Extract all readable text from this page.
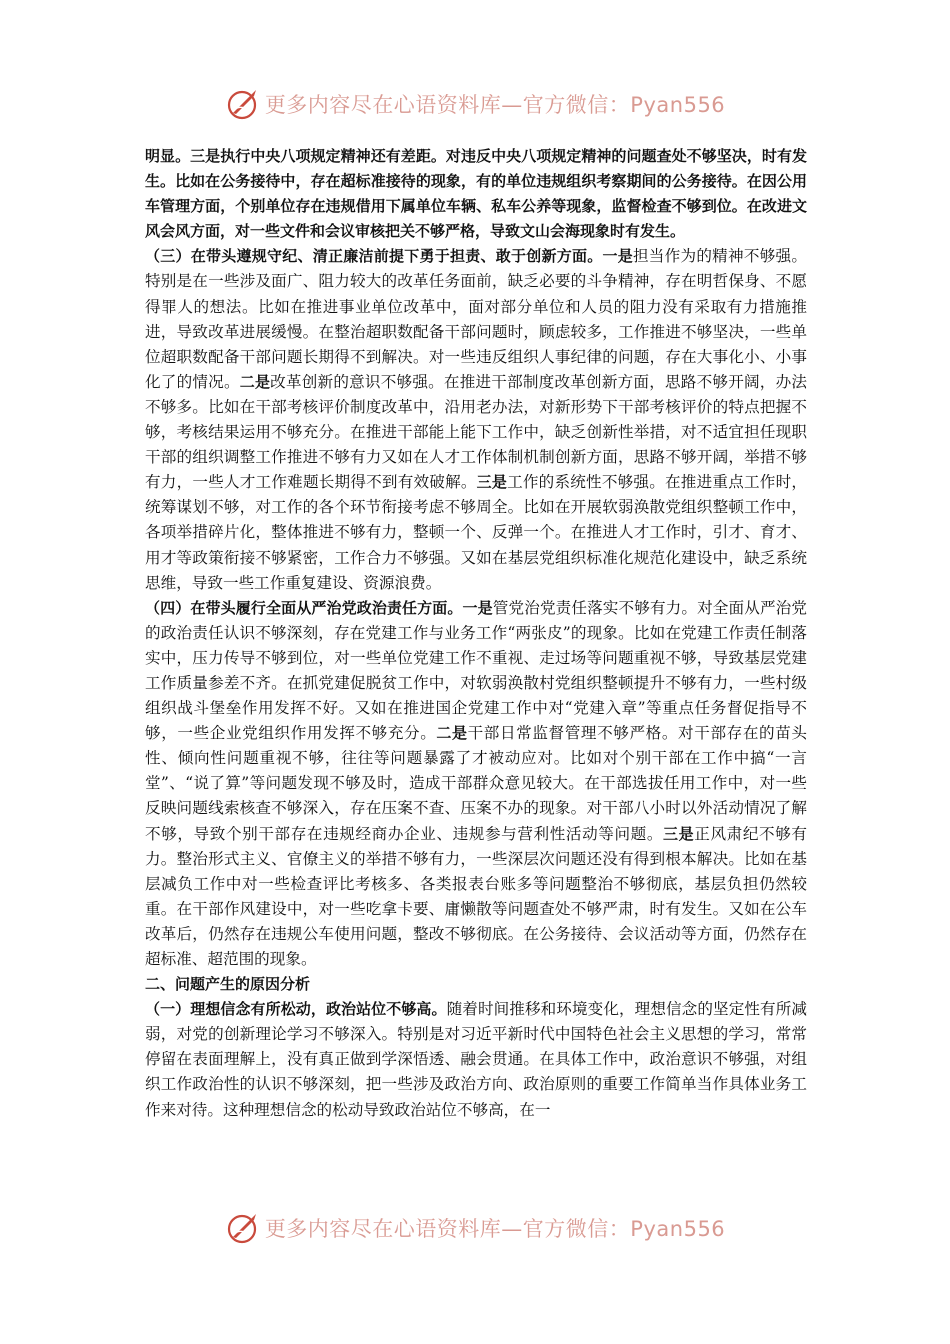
更多内容尽在心语资料库—官方微信：Pyan556

明显。三是执行中央八项规定精神还有差距。对违反中央八项规定精神的问题查处不够坚决，时有发生。比如在公务接待中，存在超标准接待的现象，有的单位违规组织考察期间的公务接待。在因公用车管理方面，个别单位存在违规借用下属单位车辆、私车公养等现象，监督检查不够到位。在改进文风会风方面，对一些文件和会议审核把关不够严格，导致文山会海现象时有发生。

（三）在带头遵规守纪、清正廉洁前提下勇于担责、敢于创新方面。一是担当作为的精神不够强。特别是在一些涉及面广、阻力较大的改革任务面前，缺乏必要的斗争精神，存在明哲保身、不愿得罪人的想法。比如在推进事业单位改革中，面对部分单位和人员的阻力没有采取有力措施推进，导致改革进展缓慢。在整治超职数配备干部问题时，顾虑较多，工作推进不够坚决，一些单位超职数配备干部问题长期得不到解决。对一些违反组织人事纪律的问题，存在大事化小、小事化了的情况。二是改革创新的意识不够强。在推进干部制度改革创新方面，思路不够开阔，办法不够多。比如在干部考核评价制度改革中，沿用老办法，对新形势下干部考核评价的特点把握不够，考核结果运用不够充分。在推进干部能上能下工作中，缺乏创新性举措，对不适宜担任现职干部的组织调整工作推进不够有力又如在人才工作体制机制创新方面，思路不够开阔，举措不够有力，一些人才工作难题长期得不到有效破解。三是工作的系统性不够强。在推进重点工作时，统筹谋划不够，对工作的各个环节衔接考虑不够周全。比如在开展软弱涣散党组织整顿工作中，各项举措碎片化，整体推进不够有力，整顿一个、反弹一个。在推进人才工作时，引才、育才、用才等政策衔接不够紧密，工作合力不够强。又如在基层党组织标准化规范化建设中，缺乏系统思维，导致一些工作重复建设、资源浪费。

（四）在带头履行全面从严治党政治责任方面。一是管党治党责任落实不够有力。对全面从严治党的政治责任认识不够深刻，存在党建工作与业务工作“两张皮”的现象。比如在党建工作责任制落实中，压力传导不够到位，对一些单位党建工作不重视、走过场等问题重视不够，导致基层党建工作质量参差不齐。在抓党建促脱贫工作中，对软弱涣散村党组织整顿提升不够有力，一些村级组织战斗堡垒作用发挥不好。又如在推进国企党建工作中对“党建入章”等重点任务督促指导不够，一些企业党组织作用发挥不够充分。二是干部日常监督管理不够严格。对干部存在的苗头性、倾向性问题重视不够，往往等问题暴露了才被动应对。比如对个别干部在工作中搞“一言堂”、“说了算”等问题发现不够及时，造成干部群众意见较大。在干部选拔任用工作中，对一些反映问题线索核查不够深入，存在压案不查、压案不办的现象。对干部八小时以外活动情况了解不够，导致个别干部存在违规经商办企业、违规参与营利性活动等问题。三是正风肃纪不够有力。整治形式主义、官僚主义的举措不够有力，一些深层次问题还没有得到根本解决。比如在基层减负工作中对一些检查评比考核多、各类报表台账多等问题整治不够彻底，基层负担仍然较重。在干部作风建设中，对一些吃拿卡要、庸懒散等问题查处不够严肃，时有发生。又如在公车改革后，仍然存在违规公车使用问题，整改不够彻底。在公务接待、会议活动等方面，仍然存在超标准、超范围的现象。

二、问题产生的原因分析

（一）理想信念有所松动，政治站位不够高。随着时间推移和环境变化，理想信念的坚定性有所减弱，对党的创新理论学习不够深入。特别是对习近平新时代中国特色社会主义思想的学习，常常停留在表面理解上，没有真正做到学深悟透、融会贯通。在具体工作中，政治意识不够强，对组织工作政治性的认识不够深刻，把一些涉及政治方向、政治原则的重要工作简单当作具体业务工作来对待。这种理想信念的松动导致政治站位不够高，在一

更多内容尽在心语资料库—官方微信：Pyan556
